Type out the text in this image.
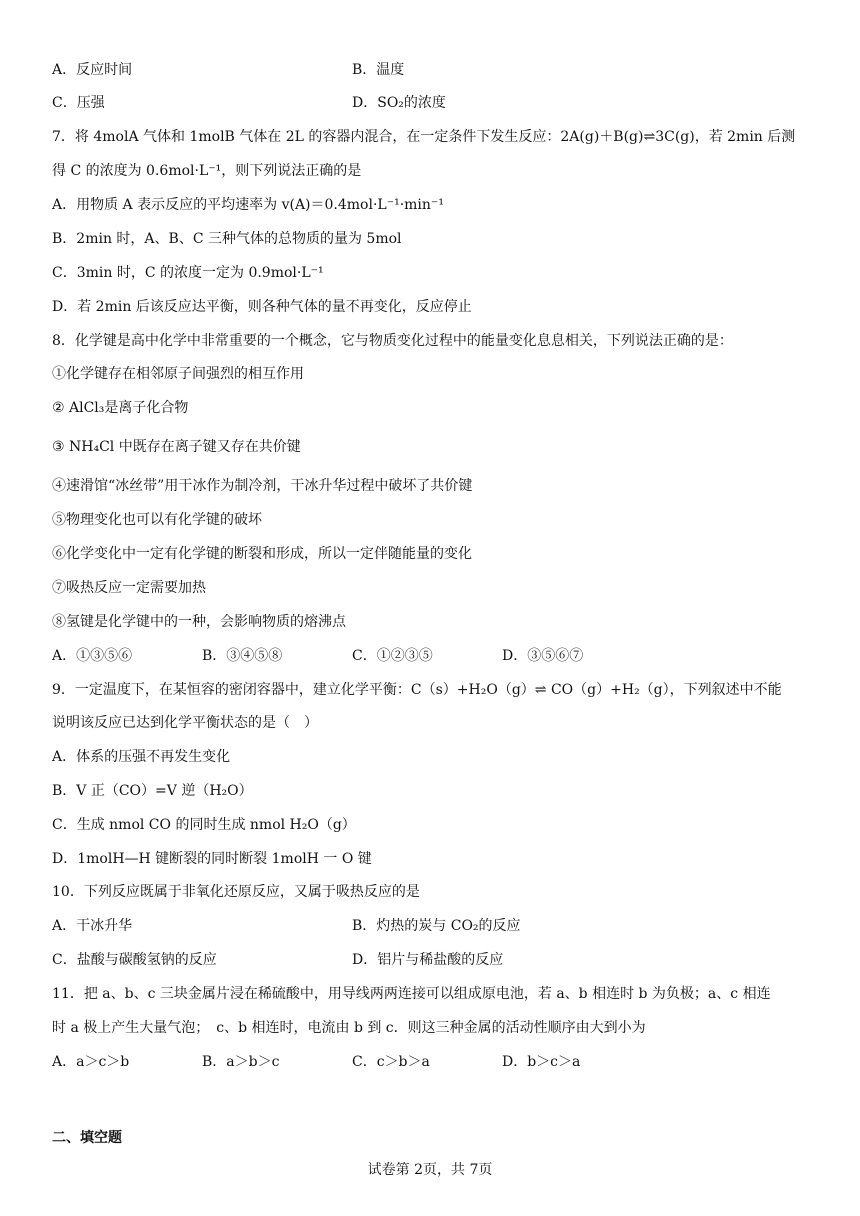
A．反应时间	B．温度
C．压强	D．SO₂的浓度
7．将 4molA 气体和 1molB 气体在 2L 的容器内混合，在一定条件下发生反应：2A(g)＋B(g)⇌3C(g)，若 2min 后测
得 C 的浓度为 0.6mol·L⁻¹，则下列说法正确的是
A．用物质 A 表示反应的平均速率为 v(A)＝0.4mol·L⁻¹·min⁻¹
B．2min 时，A、B、C 三种气体的总物质的量为 5mol
C．3min 时，C 的浓度一定为 0.9mol·L⁻¹
D．若 2min 后该反应达平衡，则各种气体的量不再变化，反应停止
8．化学键是高中化学中非常重要的一个概念，它与物质变化过程中的能量变化息息相关，下列说法正确的是：
①化学键存在相邻原子间强烈的相互作用
② AlCl₃是离子化合物
③ NH₄Cl 中既存在离子键又存在共价键
④速滑馆“冰丝带”用干冰作为制冷剂，干冰升华过程中破坏了共价键
⑤物理变化也可以有化学键的破坏
⑥化学变化中一定有化学键的断裂和形成，所以一定伴随能量的变化
⑦吸热反应一定需要加热
⑧氢键是化学键中的一种，会影响物质的熔沸点
A．①③⑤⑥	B．③④⑤⑧	C．①②③⑤	D．③⑤⑥⑦
9．一定温度下，在某恒容的密闭容器中，建立化学平衡：C（s）+H₂O（g）⇌ CO（g）+H₂（g），下列叙述中不能
说明该反应已达到化学平衡状态的是（　）
A．体系的压强不再发生变化
B．V 正（CO）=V 逆（H₂O）
C．生成 nmol CO 的同时生成 nmol H₂O（g）
D．1molH—H 键断裂的同时断裂 1molH 一 O 键
10．下列反应既属于非氧化还原反应，又属于吸热反应的是
A．干冰升华	B．灼热的炭与 CO₂的反应
C．盐酸与碳酸氢钠的反应	D．铝片与稀盐酸的反应
11．把 a、b、c 三块金属片浸在稀硫酸中，用导线两两连接可以组成原电池，若 a、b 相连时 b 为负极；a、c 相连
时 a 极上产生大量气泡；　c、b 相连时，电流由 b 到 c．则这三种金属的活动性顺序由大到小为
A．a＞c＞b	B．a＞b＞c	C．c＞b＞a	D．b＞c＞a
二、填空题
试卷第 2页，共 7页
